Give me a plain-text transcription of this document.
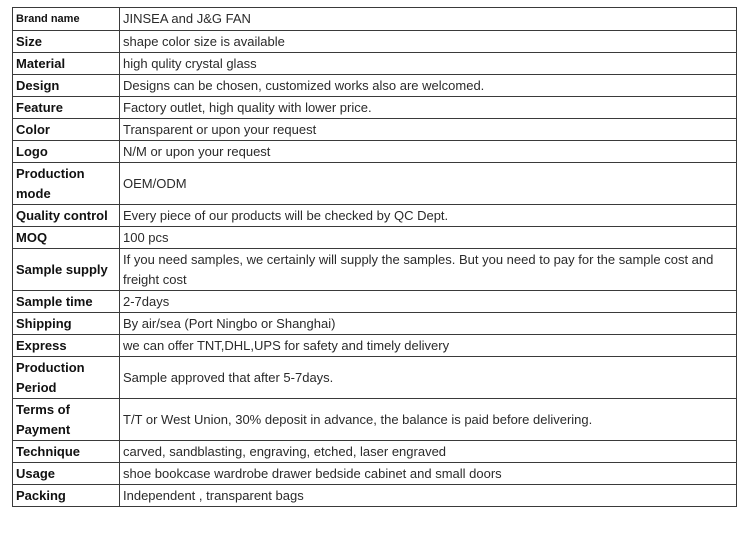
Brand name	JINSEA and J&G FAN
Size	shape color size is available
Material	high qulity crystal glass
Design	Designs can be chosen, customized works also are welcomed.
Feature	Factory outlet, high quality with lower price.
Color	Transparent or upon your request
Logo	N/M or upon your request
Production mode	OEM/ODM
Quality control	Every piece of our products will be checked by QC Dept.
MOQ	100 pcs
Sample supply	If you need samples, we certainly will supply the samples. But you need to pay for the sample cost and freight cost
Sample time	2-7days
Shipping	By air/sea (Port Ningbo or Shanghai)
Express	we can offer TNT,DHL,UPS for safety and timely delivery
Production Period	Sample approved that after 5-7days.
Terms of Payment	T/T or West Union, 30% deposit in advance, the balance is paid before delivering.
Technique	carved, sandblasting, engraving, etched, laser engraved
Usage	shoe bookcase wardrobe drawer bedside cabinet and small doors
Packing	Independent , transparent bags
